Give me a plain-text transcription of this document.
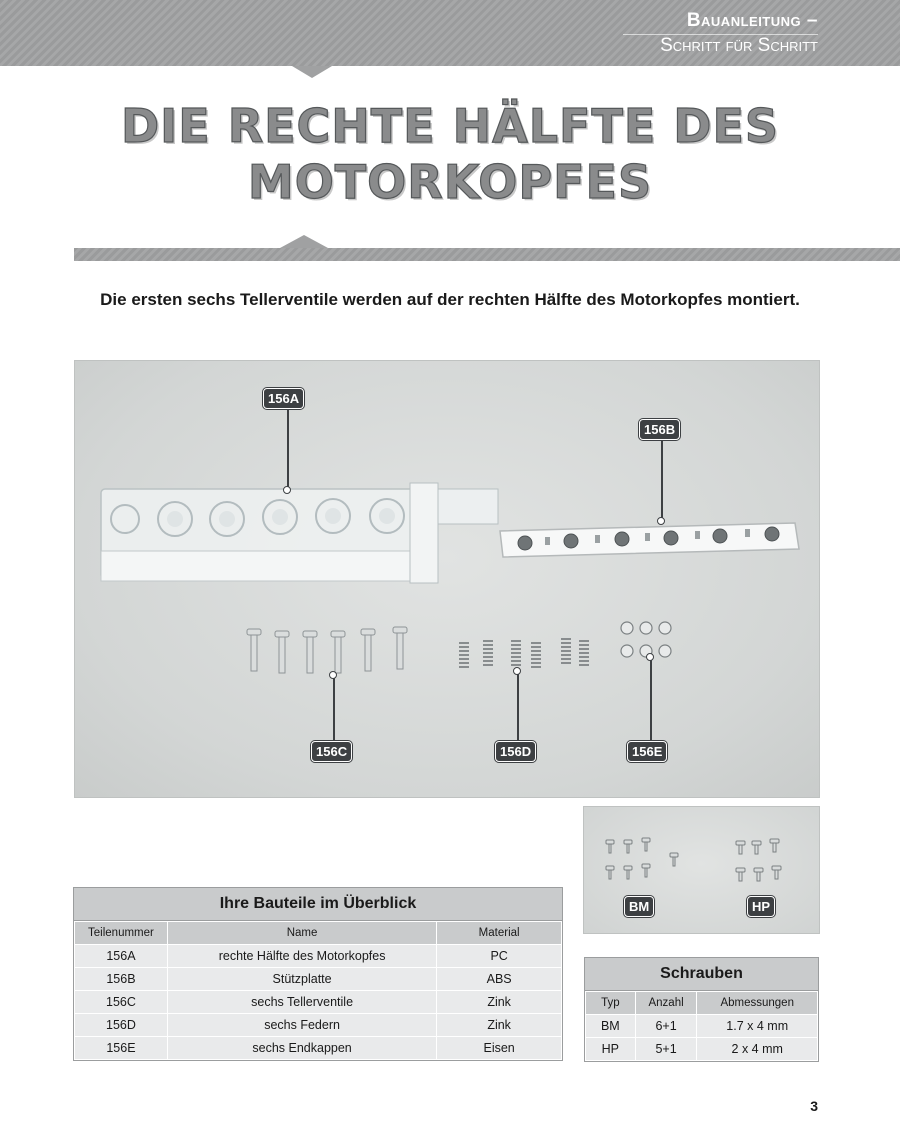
Bauanleitung –
Schritt für Schritt
DIE RECHTE HÄLFTE DES
MOTORKOPFES
Die ersten sechs Tellerventile werden auf der rechten Hälfte des Motorkopfes montiert.
156A
156B
156C	156D	156E
BM	HP
Ihre Bauteile im Überblick
Teilenummer	Name	Material
156A	rechte Hälfte des Motorkopfes	PC
156B	Stützplatte	ABS
156C	sechs Tellerventile	Zink
156D	sechs Federn	Zink
156E	sechs Endkappen	Eisen
Schrauben
Typ	Anzahl	Abmessungen
BM	6+1	1.7 x 4 mm
HP	5+1	2 x 4 mm
3
